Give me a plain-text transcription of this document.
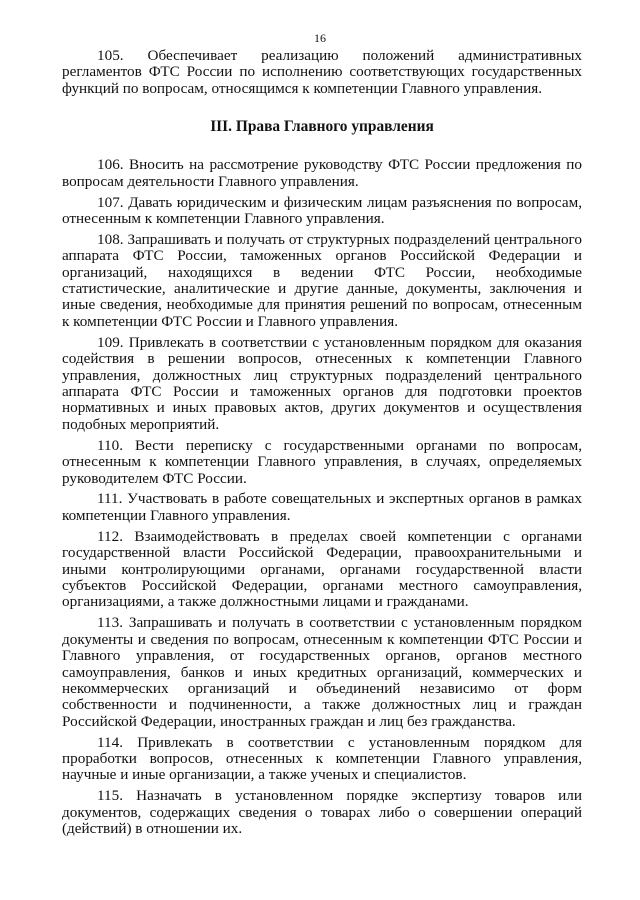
16

105. Обеспечивает реализацию положений административных регламентов ФТС России по исполнению соответствующих государственных функций по вопросам, относящимся к компетенции Главного управления.

III. Права Главного управления

106. Вносить на рассмотрение руководству ФТС России предложения по вопросам деятельности Главного управления.

107. Давать юридическим и физическим лицам разъяснения по вопросам, отнесенным к компетенции Главного управления.

108. Запрашивать и получать от структурных подразделений центрального аппарата ФТС России, таможенных органов Российской Федерации и организаций, находящихся в ведении ФТС России, необходимые статистические, аналитические и другие данные, документы, заключения и иные сведения, необходимые для принятия решений по вопросам, отнесенным к компетенции ФТС России и Главного управления.

109. Привлекать в соответствии с установленным порядком для оказания содействия в решении вопросов, отнесенных к компетенции Главного управления, должностных лиц структурных подразделений центрального аппарата ФТС России и таможенных органов для подготовки проектов нормативных и иных правовых актов, других документов и осуществления подобных мероприятий.

110. Вести переписку с государственными органами по вопросам, отнесенным к компетенции Главного управления, в случаях, определяемых руководителем ФТС России.

111. Участвовать в работе совещательных и экспертных органов в рамках компетенции Главного управления.

112. Взаимодействовать в пределах своей компетенции с органами государственной власти Российской Федерации, правоохранительными и иными контролирующими органами, органами государственной власти субъектов Российской Федерации, органами местного самоуправления, организациями, а также должностными лицами и гражданами.

113. Запрашивать и получать в соответствии с установленным порядком документы и сведения по вопросам, отнесенным к компетенции ФТС России и Главного управления, от государственных органов, органов местного самоуправления, банков и иных кредитных организаций, коммерческих и некоммерческих организаций и объединений независимо от форм собственности и подчиненности, а также должностных лиц и граждан Российской Федерации, иностранных граждан и лиц без гражданства.

114. Привлекать в соответствии с установленным порядком для проработки вопросов, отнесенных к компетенции Главного управления, научные и иные организации, а также ученых и специалистов.

115. Назначать в установленном порядке экспертизу товаров или документов, содержащих сведения о товарах либо о совершении операций (действий) в отношении их.
